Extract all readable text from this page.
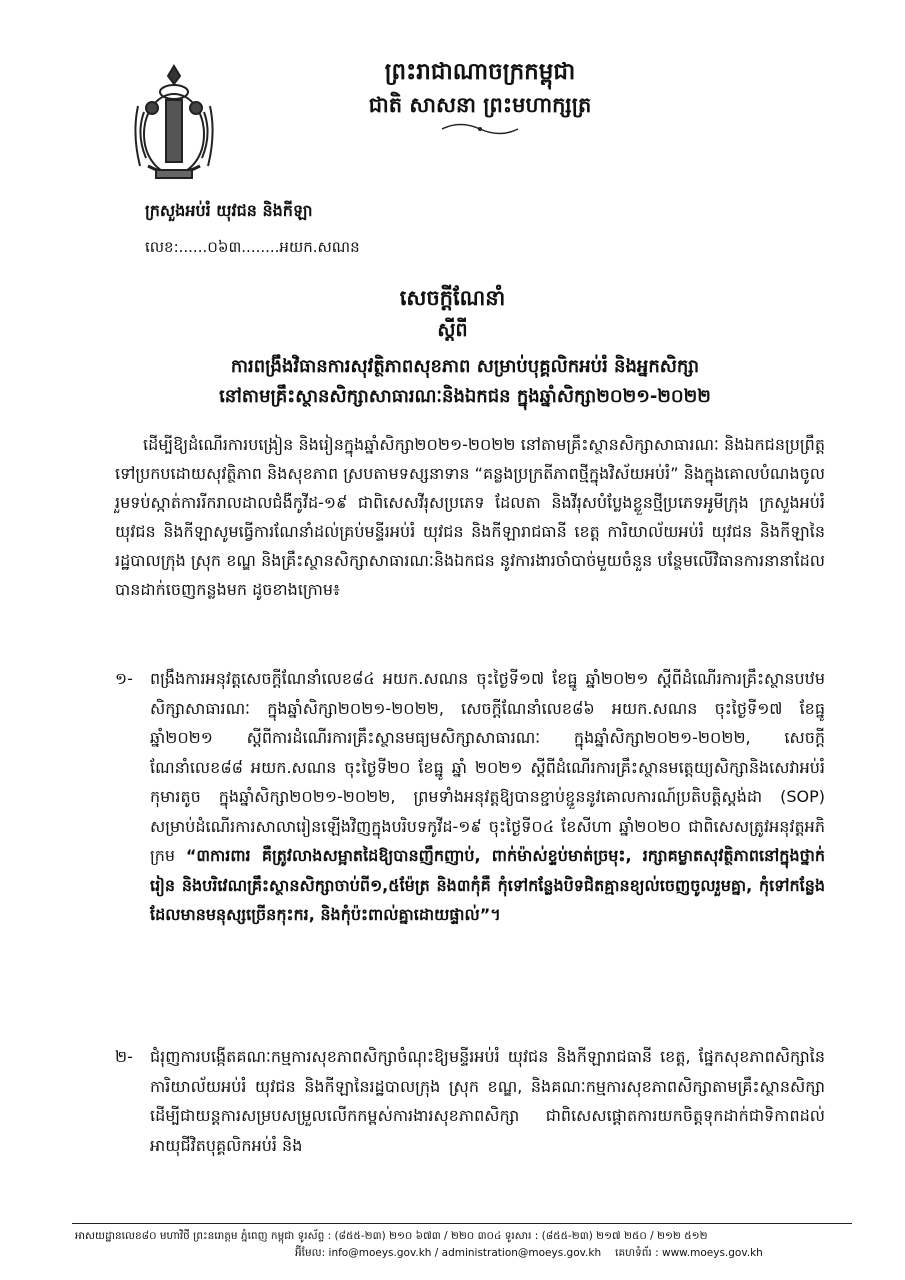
ព្រះរាជាណាចក្រកម្ពុជា
ជាតិ សាសនា ព្រះមហាក្សត្រ
ក្រសួងអប់រំ យុវជន និងកីឡា
លេខ:......០៦៣........អយក.សណន
សេចក្តីណែនាំ
ស្តីពី
ការពង្រឹងវិធានការសុវត្ថិភាពសុខភាព សម្រាប់បុគ្គលិកអប់រំ និងអ្នកសិក្សា
នៅតាមគ្រឹះស្ថានសិក្សាសាធារណៈនិងឯកជន ក្នុងឆ្នាំសិក្សា២០២១-២០២២
ដើម្បីឱ្យដំណើរការបង្រៀន និងរៀនក្នុងឆ្នាំសិក្សា២០២១-២០២២ នៅតាមគ្រឹះស្ថានសិក្សាសាធារណៈ និងឯកជនប្រព្រឹត្តទៅប្រកបដោយសុវត្ថិភាព និងសុខភាព ស្របតាមទស្សនាទាន “គន្លងប្រក្រតីភាពថ្មីក្នុងវិស័យអប់រំ” និងក្នុងគោលបំណងចូលរួមទប់ស្កាត់ការរីករាលដាលជំងឺកូវីដ-១៩ ជាពិសេសវីរុសប្រភេទ ដែលតា និងវីរុសបំប្លែងខ្លួនថ្មីប្រភេទអូមីក្រុង ក្រសួងអប់រំ យុវជន និងកីឡាសូមធ្វើការណែនាំដល់គ្រប់មន្ទីរអប់រំ យុវជន និងកីឡារាជធានី ខេត្ត ការិយាល័យអប់រំ យុវជន និងកីឡានៃរដ្ឋបាលក្រុង ស្រុក ខណ្ឌ និងគ្រឹះស្ថានសិក្សាសាធារណៈនិងឯកជន នូវការងារចាំបាច់មួយចំនួន បន្ថែមលើវិធានការនានាដែលបានដាក់ចេញកន្លងមក ដូចខាងក្រោម៖
១-	ពង្រឹងការអនុវត្តសេចក្តីណែនាំលេខ៨៤ អយក.សណន ចុះថ្ងៃទី១៧ ខែធ្នូ ឆ្នាំ២០២១ ស្តីពីដំណើរការគ្រឹះស្ថានបឋមសិក្សាសាធារណៈ ក្នុងឆ្នាំសិក្សា២០២១-២០២២, សេចក្តីណែនាំលេខ៨៦ អយក.សណន ចុះថ្ងៃទី១៧ ខែធ្នូ ឆ្នាំ២០២១ ស្តីពីការដំណើរការគ្រឹះស្ថានមធ្យមសិក្សាសាធារណៈ ក្នុងឆ្នាំសិក្សា២០២១-២០២២, សេចក្តីណែនាំលេខ៨៨ អយក.សណន ចុះថ្ងៃទី២០ ខែធ្នូ ឆ្នាំ ២០២១ ស្តីពីដំណើរការគ្រឹះស្ថានមត្តេយ្យសិក្សានិងសេវាអប់រំកុមារតូច ក្នុងឆ្នាំសិក្សា២០២១-២០២២, ព្រមទាំងអនុវត្តឱ្យបានខ្ជាប់ខ្ជួននូវគោលការណ៍ប្រតិបត្តិស្តង់ដា (SOP) សម្រាប់ដំណើរការសាលារៀនឡើងវិញក្នុងបរិបទកូវីដ-១៩ ចុះថ្ងៃទី០៤ ខែសីហា ឆ្នាំ២០២០ ជាពិសេសត្រូវអនុវត្តអភិក្រម “៣ការពារ គឺត្រូវលាងសម្អាតដៃឱ្យបានញឹកញាប់, ពាក់ម៉ាស់ខ្ទប់មាត់ច្រមុះ, រក្សាគម្លាតសុវត្ថិភាពនៅក្នុងថ្នាក់រៀន និងបរិវេណគ្រឹះស្ថានសិក្សាចាប់ពី១,៥ម៉ែត្រ និង៣កុំគឺ កុំទៅកន្លែងបិទជិតគ្មានខ្យល់ចេញចូលរួមគ្នា, កុំទៅកន្លែងដែលមានមនុស្សច្រើនកុះករ, និងកុំប៉ះពាល់គ្នាដោយផ្ទាល់”។
២-	ជំរុញការបង្កើតគណៈកម្មការសុខភាពសិក្សាចំណុះឱ្យមន្ទីរអប់រំ យុវជន និងកីឡារាជធានី ខេត្ត, ផ្នែកសុខភាពសិក្សានៃការិយាល័យអប់រំ យុវជន និងកីឡានៃរដ្ឋបាលក្រុង ស្រុក ខណ្ឌ, និងគណៈកម្មការសុខភាពសិក្សាតាមគ្រឹះស្ថានសិក្សា ដើម្បីជាយន្តការសម្របសម្រួលលើកកម្ពស់ការងារសុខភាពសិក្សា ជាពិសេសផ្តោតការយកចិត្តទុកដាក់ជាទិកាពដល់អាយុជីវិតបុគ្គលិកអប់រំ និង
អាសយដ្ឋានលេខ៨០ មហាវិថី ព្រះនរោត្តម ភ្នំពេញ កម្ពុជា ទូរស័ព្ទ : (៨៥៥-២៣) ២១០ ៦៧៣ / ២២០ ៣០៤ ទូរសារ : (៨៥៥-២៣) ២១៧ ២៥០ / ២១២ ៥១២
អ៊ីមែល: info@moeys.gov.kh / administration@moeys.gov.kh គេហទំព័រ : www.moeys.gov.kh
